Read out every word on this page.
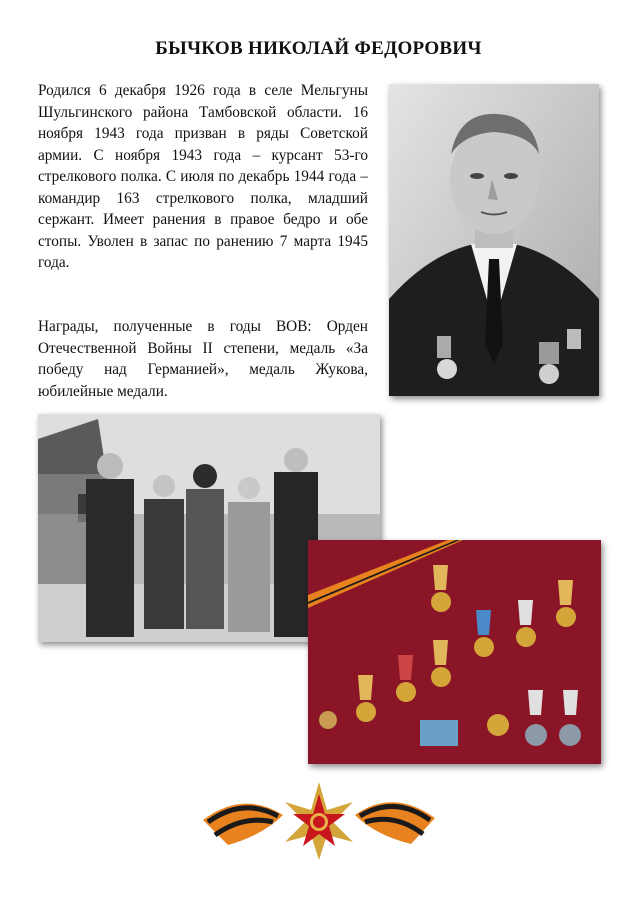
БЫЧКОВ НИКОЛАЙ ФЕДОРОВИЧ

Родился 6 декабря 1926 года в селе Мельгуны Шульгинского района Тамбовской области. 16 ноября 1943 года призван в ряды Советской армии. С ноября 1943 года – курсант 53-го стрелкового полка. С июля по декабрь 1944 года – командир 163 стрелкового полка, младший сержант. Имеет ранения в правое бедро и обе стопы. Уволен в запас по ранению 7 марта 1945 года.

Награды, полученные в годы ВОВ: Орден Отечественной Войны II степени, медаль «За победу над Германией», медаль Жукова, юбилейные медали.
